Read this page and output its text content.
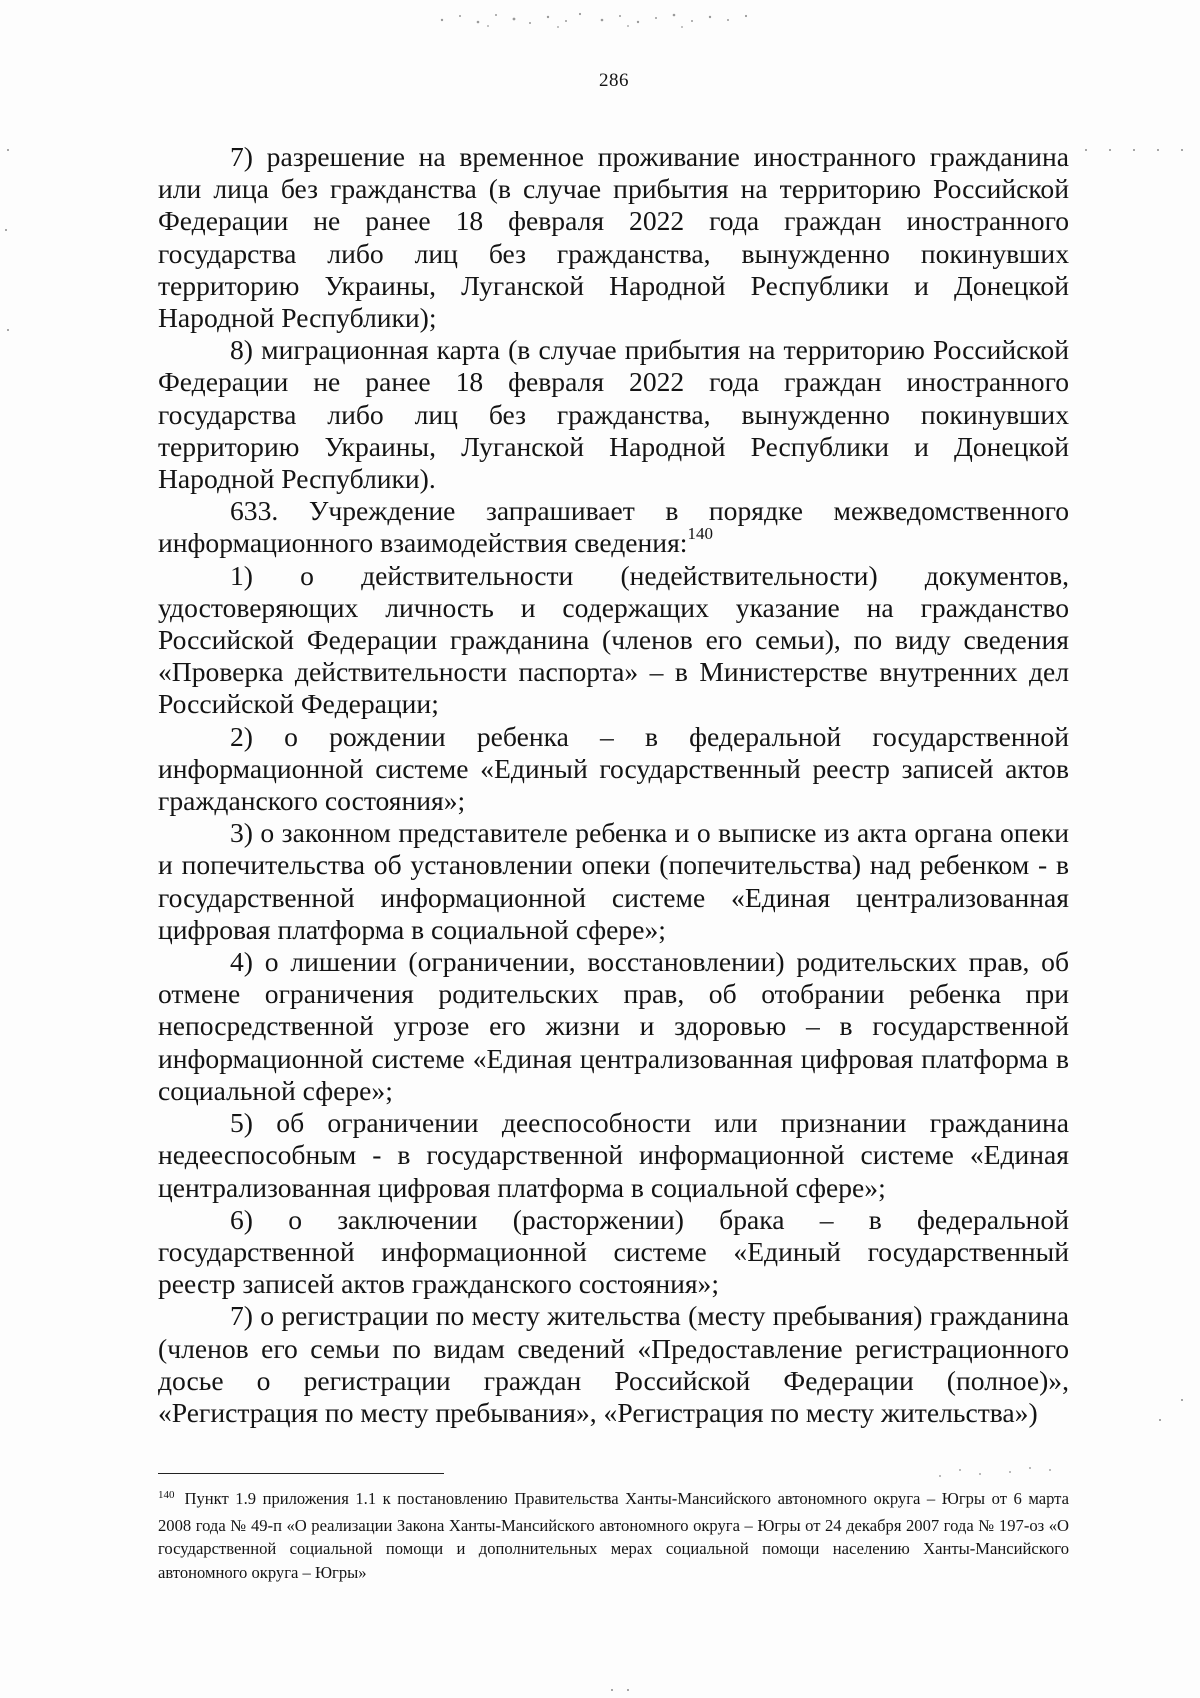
286

7) разрешение на временное проживание иностранного гражданина или лица без гражданства (в случае прибытия на территорию Российской Федерации не ранее 18 февраля 2022 года граждан иностранного государства либо лиц без гражданства, вынужденно покинувших территорию Украины, Луганской Народной Республики и Донецкой Народной Республики);

8) миграционная карта (в случае прибытия на территорию Российской Федерации не ранее 18 февраля 2022 года граждан иностранного государства либо лиц без гражданства, вынужденно покинувших территорию Украины, Луганской Народной Республики и Донецкой Народной Республики).

633. Учреждение запрашивает в порядке межведомственного информационного взаимодействия сведения:$^{140}$

1) о действительности (недействительности) документов, удостоверяющих личность и содержащих указание на гражданство Российской Федерации гражданина (членов его семьи), по виду сведения «Проверка действительности паспорта» – в Министерстве внутренних дел Российской Федерации;

2) о рождении ребенка – в федеральной государственной информационной системе «Единый государственный реестр записей актов гражданского состояния»;

3) о законном представителе ребенка и о выписке из акта органа опеки и попечительства об установлении опеки (попечительства) над ребенком - в государственной информационной системе «Единая централизованная цифровая платформа в социальной сфере»;

4) о лишении (ограничении, восстановлении) родительских прав, об отмене ограничения родительских прав, об отобрании ребенка при непосредственной угрозе его жизни и здоровью – в государственной информационной системе «Единая централизованная цифровая платформа в социальной сфере»;

5) об ограничении дееспособности или признании гражданина недееспособным - в государственной информационной системе «Единая централизованная цифровая платформа в социальной сфере»;

6) о заключении (расторжении) брака – в федеральной государственной информационной системе «Единый государственный реестр записей актов гражданского состояния»;

7) о регистрации по месту жительства (месту пребывания) гражданина (членов его семьи по видам сведений «Предоставление регистрационного досье о регистрации граждан Российской Федерации (полное)», «Регистрация по месту пребывания», «Регистрация по месту жительства»)

$^{140}$ Пункт 1.9 приложения 1.1 к постановлению Правительства Ханты-Мансийского автономного округа – Югры от 6 марта 2008 года № 49-п «О реализации Закона Ханты-Мансийского автономного округа – Югры от 24 декабря 2007 года № 197-оз «О государственной социальной помощи и дополнительных мерах социальной помощи населению Ханты-Мансийского автономного округа – Югры»
